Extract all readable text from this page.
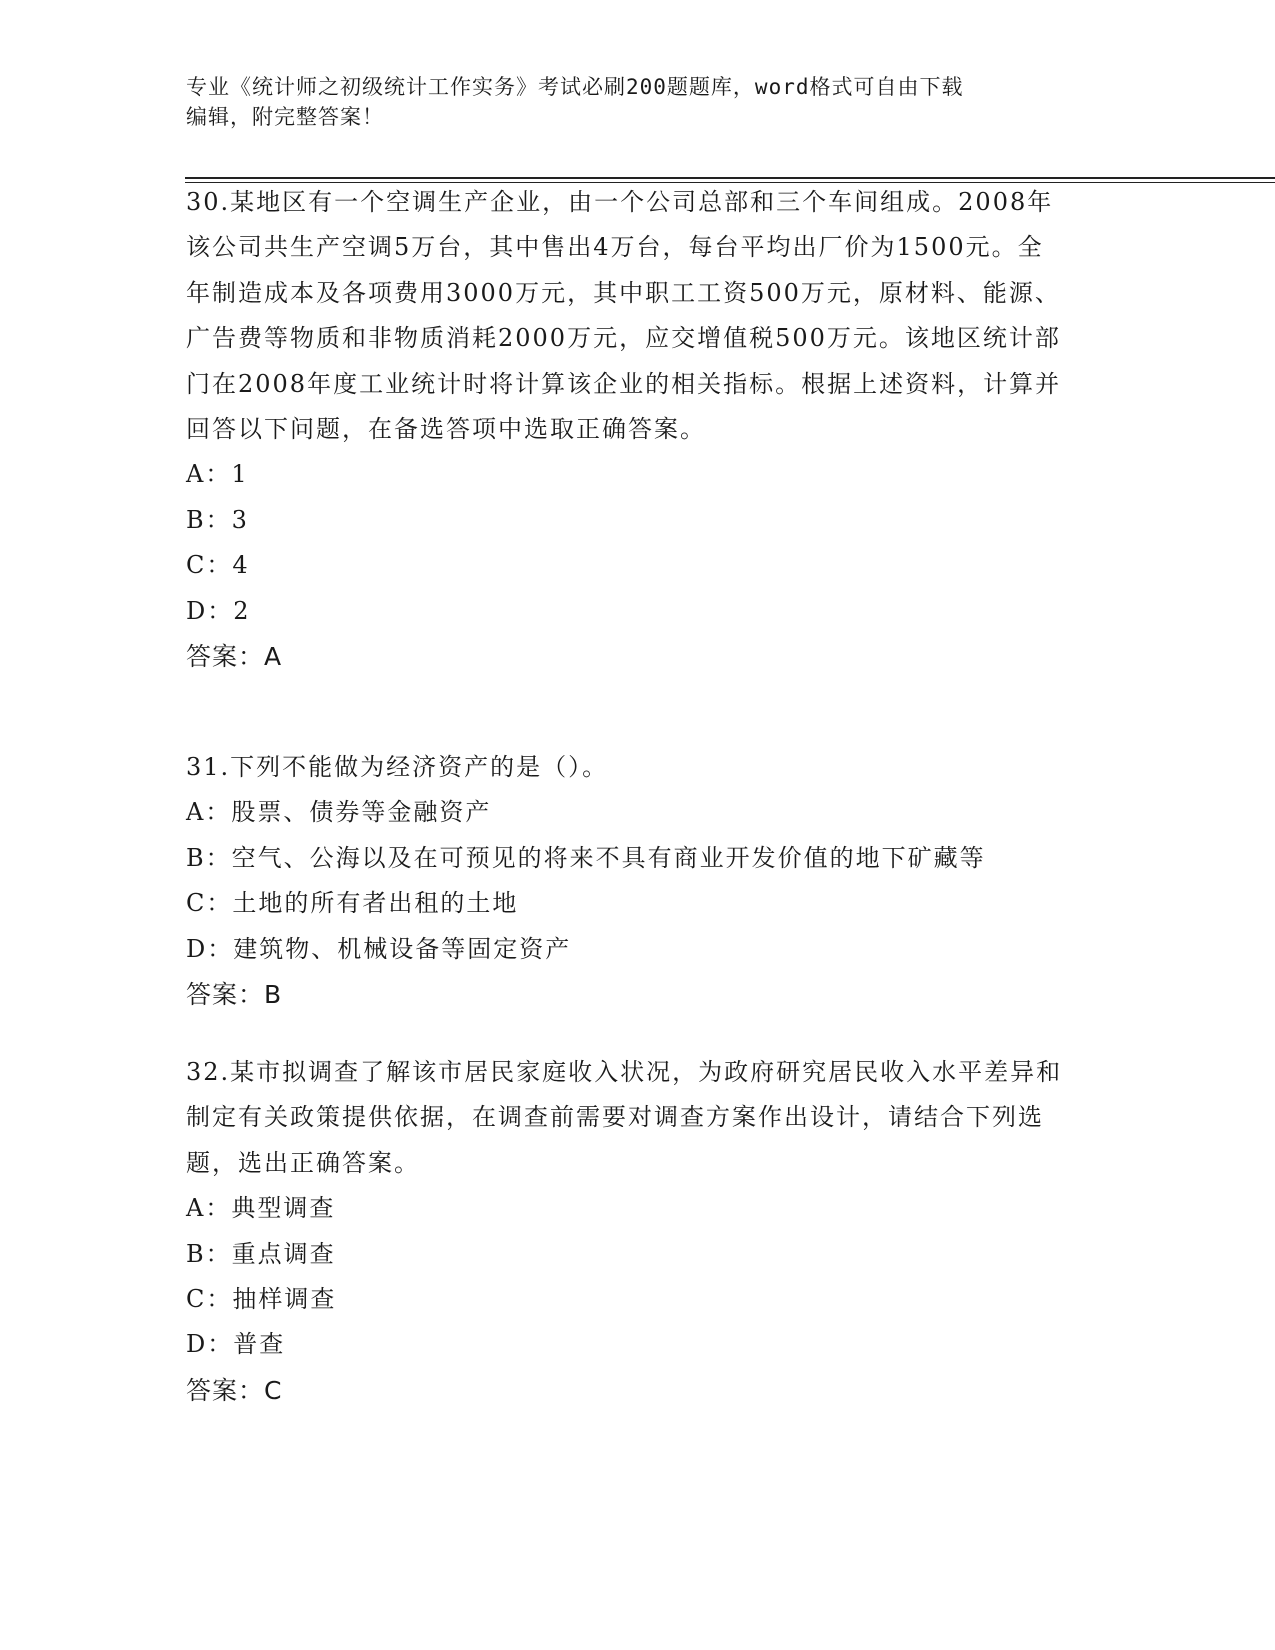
专业《统计师之初级统计工作实务》考试必刷200题题库，word格式可自由下载
编辑，附完整答案！
30.某地区有一个空调生产企业，由一个公司总部和三个车间组成。2008年该公司共生产空调5万台，其中售出4万台，每台平均出厂价为1500元。全年制造成本及各项费用3000万元，其中职工工资500万元，原材料、能源、广告费等物质和非物质消耗2000万元，应交增值税500万元。该地区统计部门在2008年度工业统计时将计算该企业的相关指标。根据上述资料，计算并回答以下问题，在备选答项中选取正确答案。
A：1
B：3
C：4
D：2
答案：A
31.下列不能做为经济资产的是（）。
A：股票、债券等金融资产
B：空气、公海以及在可预见的将来不具有商业开发价值的地下矿藏等
C：土地的所有者出租的土地
D：建筑物、机械设备等固定资产
答案：B
32.某市拟调查了解该市居民家庭收入状况，为政府研究居民收入水平差异和制定有关政策提供依据，在调查前需要对调查方案作出设计，请结合下列选题，选出正确答案。
A：典型调查
B：重点调查
C：抽样调查
D：普查
答案：C
